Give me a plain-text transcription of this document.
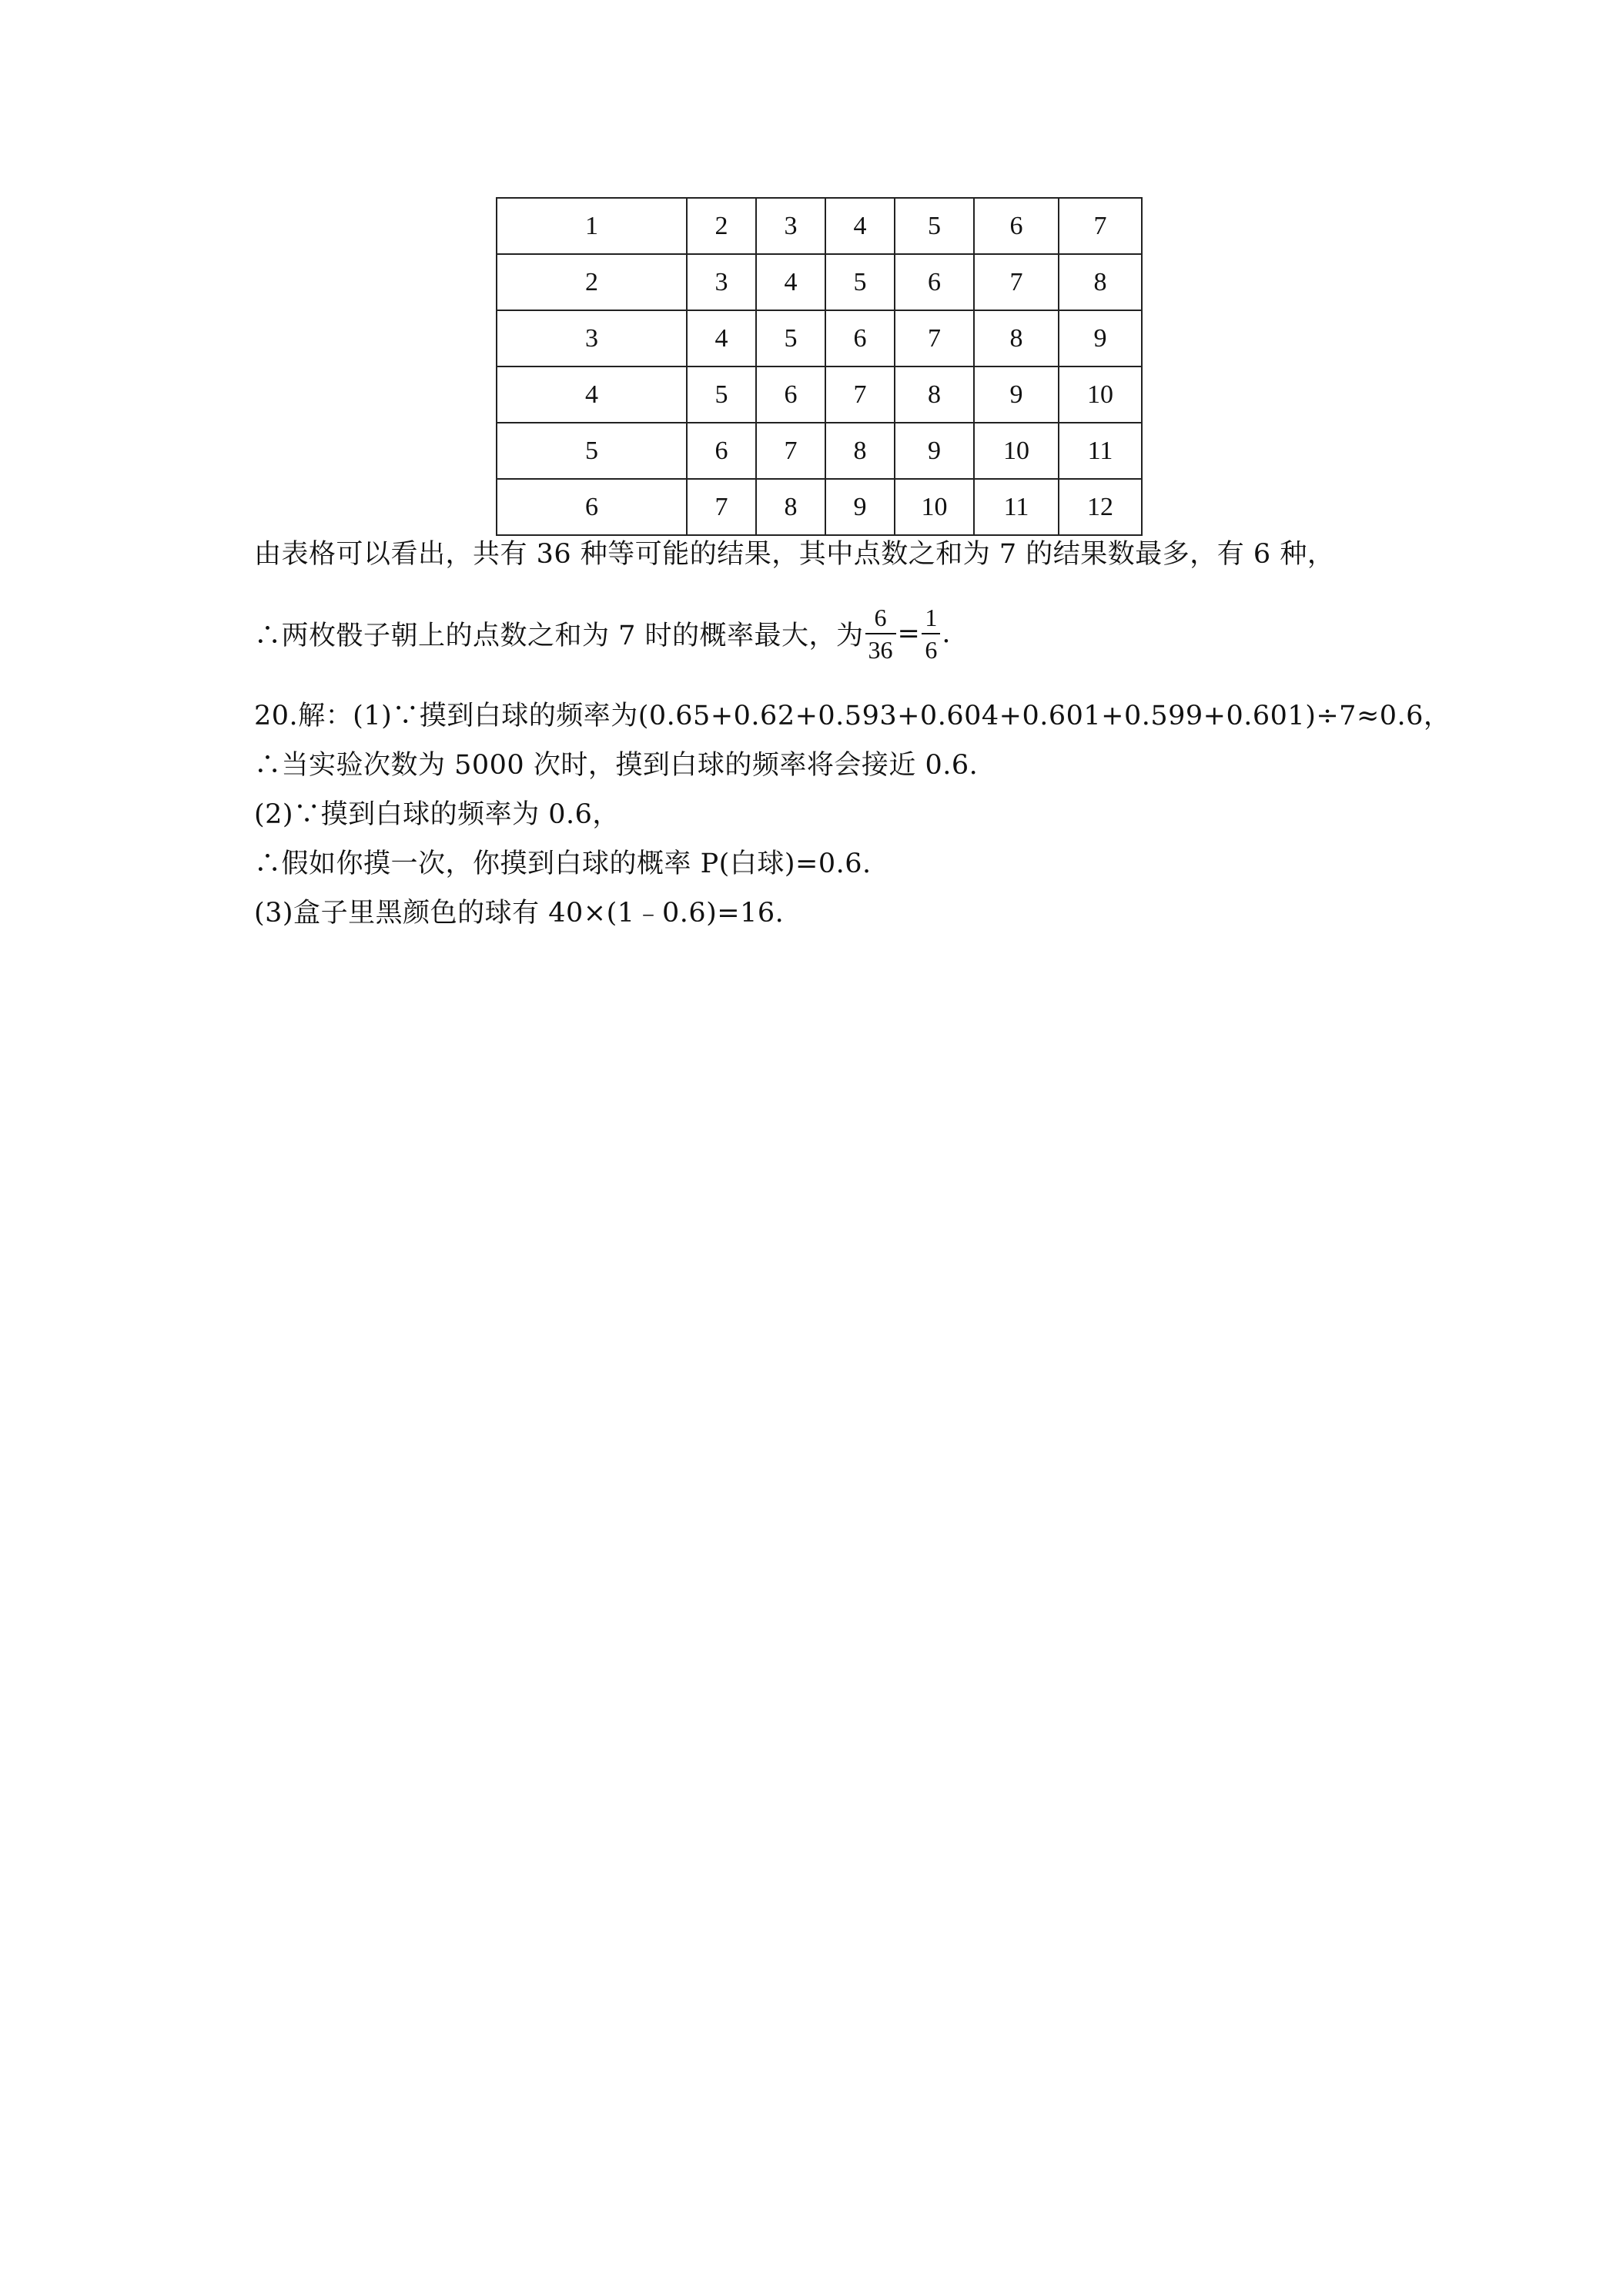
1	2	3	4	5	6	7
2	3	4	5	6	7	8
3	4	5	6	7	8	9
4	5	6	7	8	9	10
5	6	7	8	9	10	11
6	7	8	9	10	11	12
由表格可以看出，共有 36 种等可能的结果，其中点数之和为 7 的结果数最多，有 6 种，
∴两枚骰子朝上的点数之和为 7 时的概率最大，为 $\frac{6}{36} = \frac{1}{6}$ .
20.解：(1)∵摸到白球的频率为(0.65+0.62+0.593+0.604+0.601+0.599+0.601)÷7≈0.6，
∴当实验次数为 5000 次时，摸到白球的频率将会接近 0.6.
(2)∵摸到白球的频率为 0.6，
∴假如你摸一次，你摸到白球的概率 P(白球)=0.6.
(3)盒子里黑颜色的球有 40×(1﹣0.6)=16.
